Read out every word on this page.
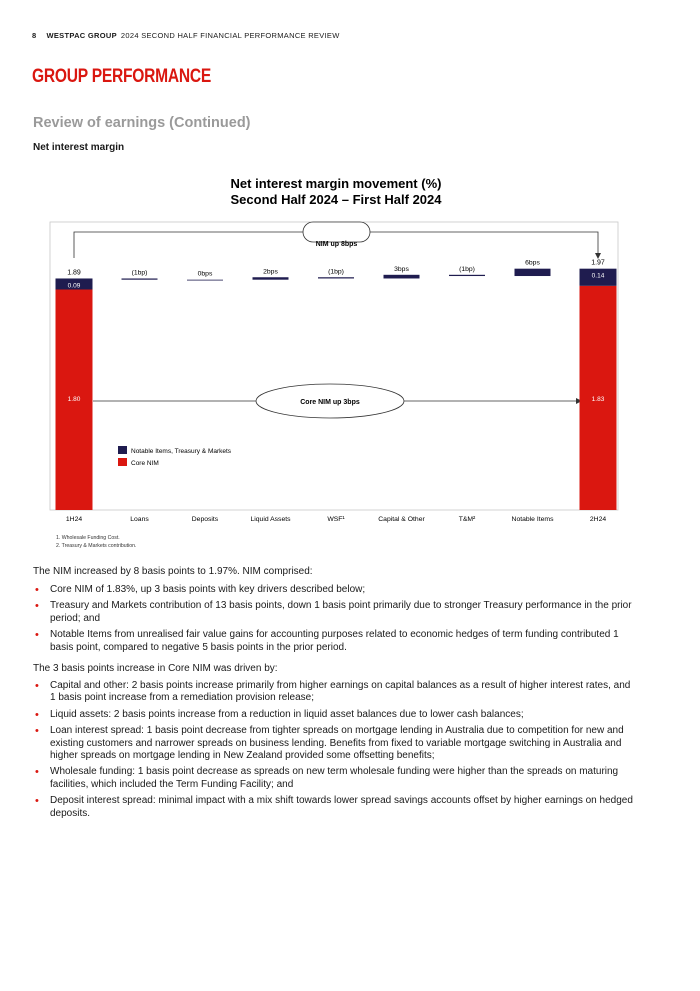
8 WESTPAC GROUP 2024 SECOND HALF FINANCIAL PERFORMANCE REVIEW
GROUP PERFORMANCE
Review of earnings (Continued)
Net interest margin
Net interest margin movement (%)
Second Half 2024 – First Half 2024
NIM up 8bps
Core NIM up 3bps
1.80
0.09
1.89	(1bp)	0bps	2bps	(1bp)	3bps	(1bp)
6bps
1.83
0.14
1.97
1H24	Loans	Deposits	Liquid Assets	WSF¹	Capital & Other	T&M²	Notable Items	2H24
Notable Items, Treasury & Markets
Core NIM
1. Wholesale Funding Cost.
2. Treasury & Markets contribution.

The NIM increased by 8 basis points to 1.97%. NIM comprised:

• Core NIM of 1.83%, up 3 basis points with key drivers described below;
• Treasury and Markets contribution of 13 basis points, down 1 basis point primarily due to stronger Treasury performance in the prior period; and
• Notable Items from unrealised fair value gains for accounting purposes related to economic hedges of term funding contributed 1 basis point, compared to negative 5 basis points in the prior period.

The 3 basis points increase in Core NIM was driven by:

• Capital and other: 2 basis points increase primarily from higher earnings on capital balances as a result of higher interest rates, and 1 basis point increase from a remediation provision release;
• Liquid assets: 2 basis points increase from a reduction in liquid asset balances due to lower cash balances;
• Loan interest spread: 1 basis point decrease from tighter spreads on mortgage lending in Australia due to competition for new and existing customers and narrower spreads on business lending. Benefits from fixed to variable mortgage switching in Australia and higher spreads on mortgage lending in New Zealand provided some offsetting benefits;
• Wholesale funding: 1 basis point decrease as spreads on new term wholesale funding were higher than the spreads on maturing facilities, which included the Term Funding Facility; and
• Deposit interest spread: minimal impact with a mix shift towards lower spread savings accounts offset by higher earnings on hedged deposits.
